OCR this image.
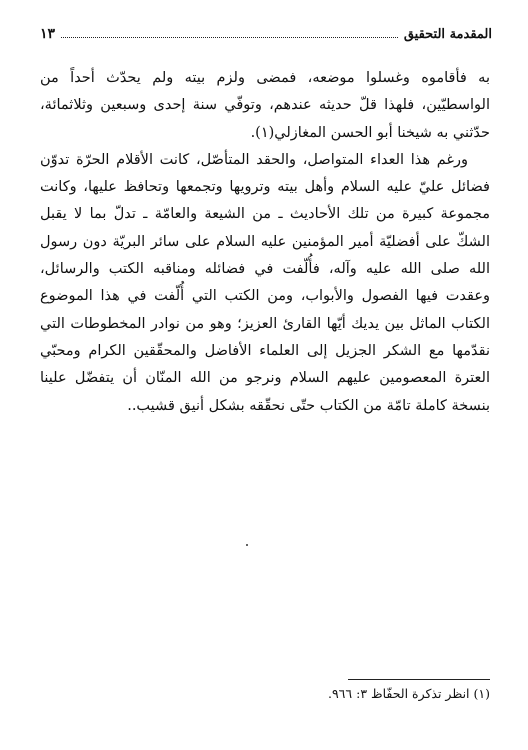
المقدمة التحقيق
١٣

به فأقاموه وغسلوا موضعه، فمضى ولزم بيته ولم يحدّث أحداً من الواسطيّين، فلهذا قلّ حديثه عندهم، وتوفّي سنة إحدى وسبعين وثلاثمائة، حدّثني به شيخنا أبو الحسن المغازلي(١).

ورغم هذا العداء المتواصل، والحقد المتأصّل، كانت الأقلام الحرّة تدوّن فضائل عليّ عليه السلام وأهل بيته وترويها وتجمعها وتحافظ عليها، وكانت مجموعة كبيرة من تلك الأحاديث ـ من الشيعة والعامّة ـ تدلّ بما لا يقبل الشكّ على أفضليّة أمير المؤمنين عليه السلام على سائر البريّة دون رسول الله صلى الله عليه وآله، فأُلّفت في فضائله ومناقبه الكتب والرسائل، وعقدت فيها الفصول والأبواب، ومن الكتب التي أُلّفت في هذا الموضوع الكتاب الماثل بين يديك أيّها القارئ العزيز؛ وهو من نوادر المخطوطات التي نقدّمها مع الشكر الجزيل إلى العلماء الأفاضل والمحقّقين الكرام ومحبّي العترة المعصومين عليهم السلام ونرجو من الله المنّان أن يتفضّل علينا بنسخة كاملة تامّة من الكتاب حتّى نحقّقه بشكل أنيق قشيب..

(١) انظر تذكرة الحفّاظ ٣: ٩٦٦.
